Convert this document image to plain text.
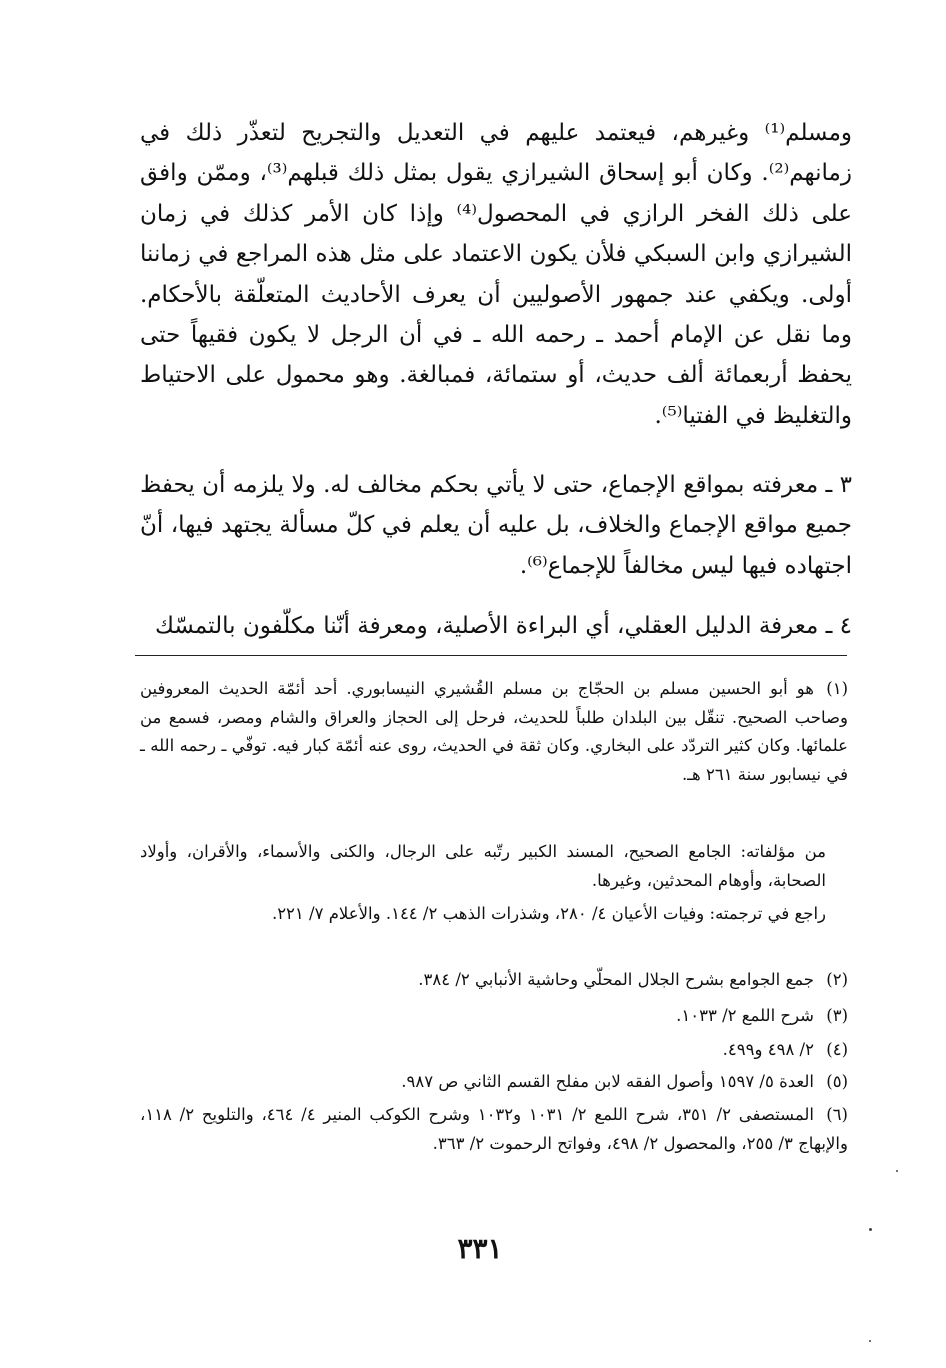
ومسلم⁽¹⁾ وغيرهم، فيعتمد عليهم في التعديل والتجريح لتعذّر ذلك في زمانهم⁽²⁾. وكان أبو إسحاق الشيرازي يقول بمثل ذلك قبلهم⁽³⁾، وممّن وافق على ذلك الفخر الرازي في المحصول⁽⁴⁾ وإذا كان الأمر كذلك في زمان الشيرازي وابن السبكي فلأن يكون الاعتماد على مثل هذه المراجع في زماننا أولى. ويكفي عند جمهور الأصوليين أن يعرف الأحاديث المتعلّقة بالأحكام. وما نقل عن الإمام أحمد ـ رحمه الله ـ في أن الرجل لا يكون فقيهاً حتى يحفظ أربعمائة ألف حديث، أو ستمائة، فمبالغة. وهو محمول على الاحتياط والتغليظ في الفتيا⁽⁵⁾.

٣ ـ معرفته بمواقع الإجماع، حتى لا يأتي بحكم مخالف له. ولا يلزمه أن يحفظ جميع مواقع الإجماع والخلاف، بل عليه أن يعلم في كلّ مسألة يجتهد فيها، أنّ اجتهاده فيها ليس مخالفاً للإجماع⁽⁶⁾.

٤ ـ معرفة الدليل العقلي، أي البراءة الأصلية، ومعرفة أنّنا مكلّفون بالتمسّك

(١)هو أبو الحسين مسلم بن الحجّاج بن مسلم القُشيري النيسابوري. أحد أئمّة الحديث المعروفين وصاحب الصحيح. تنقّل بين البلدان طلباً للحديث، فرحل إلى الحجاز والعراق والشام ومصر، فسمع من علمائها. وكان كثير التردّد على البخاري. وكان ثقة في الحديث، روى عنه أئمّة كبار فيه. توفّي ـ رحمه الله ـ في نيسابور سنة ٢٦١ هـ.

من مؤلفاته: الجامع الصحيح، المسند الكبير رتّبه على الرجال، والكنى والأسماء، والأقران، وأولاد الصحابة، وأوهام المحدثين، وغيرها.

راجع في ترجمته: وفيات الأعيان ٤/ ٢٨٠، وشذرات الذهب ٢/ ١٤٤. والأعلام ٧/ ٢٢١.

(٢)جمع الجوامع بشرح الجلال المحلّي وحاشية الأنبابي ٢/ ٣٨٤.

(٣)شرح اللمع ٢/ ١٠٣٣.

(٤)٢/ ٤٩٨ و٤٩٩.

(٥)العدة ٥/ ١٥٩٧ وأصول الفقه لابن مفلح القسم الثاني ص ٩٨٧.

(٦)المستصفى ٢/ ٣٥١، شرح اللمع ٢/ ١٠٣١ و١٠٣٢ وشرح الكوكب المنير ٤/ ٤٦٤، والتلويح ٢/ ١١٨، والإبهاج ٣/ ٢٥٥، والمحصول ٢/ ٤٩٨، وفواتح الرحموت ٢/ ٣٦٣.

٣٣١
